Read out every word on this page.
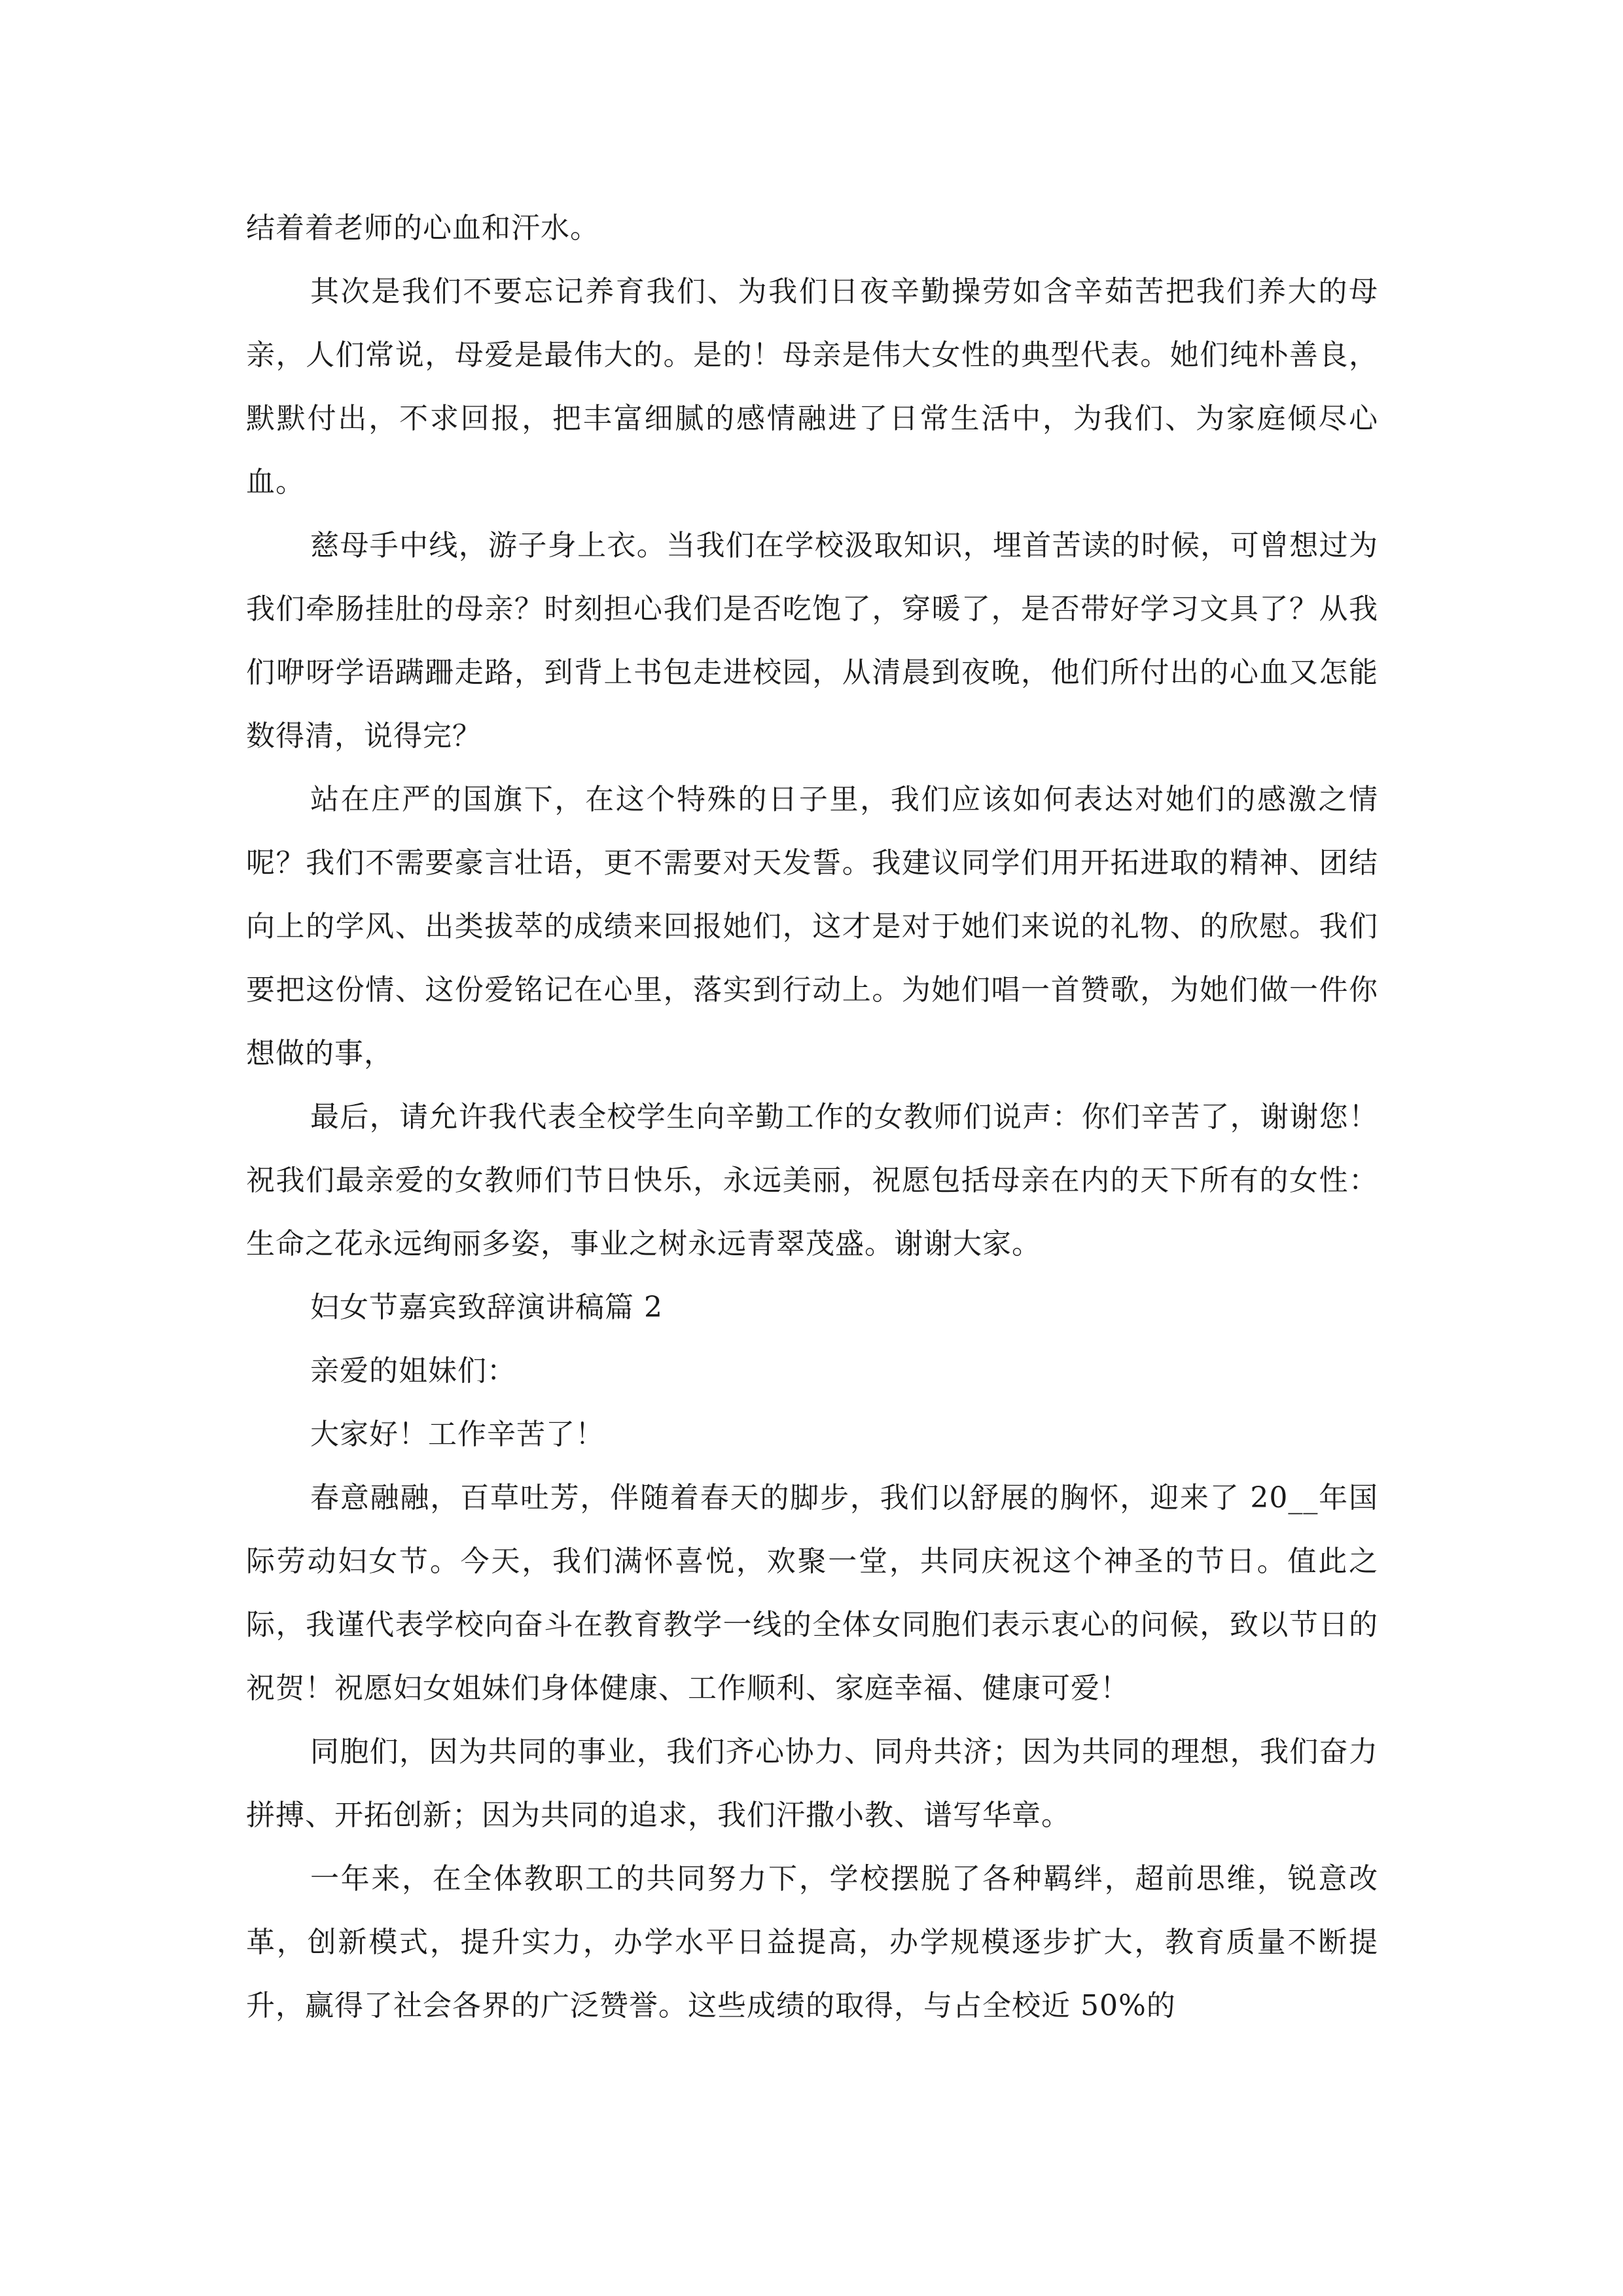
结着着老师的心血和汗水。

其次是我们不要忘记养育我们、为我们日夜辛勤操劳如含辛茹苦把我们养大的母亲，人们常说，母爱是最伟大的。是的！母亲是伟大女性的典型代表。她们纯朴善良，默默付出，不求回报，把丰富细腻的感情融进了日常生活中，为我们、为家庭倾尽心血。

慈母手中线，游子身上衣。当我们在学校汲取知识，埋首苦读的时候，可曾想过为我们牵肠挂肚的母亲？时刻担心我们是否吃饱了，穿暖了，是否带好学习文具了？从我们咿呀学语蹒跚走路，到背上书包走进校园，从清晨到夜晚，他们所付出的心血又怎能数得清，说得完？

站在庄严的国旗下，在这个特殊的日子里，我们应该如何表达对她们的感激之情呢？我们不需要豪言壮语，更不需要对天发誓。我建议同学们用开拓进取的精神、团结向上的学风、出类拔萃的成绩来回报她们，这才是对于她们来说的礼物、的欣慰。我们要把这份情、这份爱铭记在心里，落实到行动上。为她们唱一首赞歌，为她们做一件你想做的事，

最后，请允许我代表全校学生向辛勤工作的女教师们说声：你们辛苦了，谢谢您！祝我们最亲爱的女教师们节日快乐，永远美丽，祝愿包括母亲在内的天下所有的女性：生命之花永远绚丽多姿，事业之树永远青翠茂盛。谢谢大家。

妇女节嘉宾致辞演讲稿篇 2

亲爱的姐妹们：

大家好！工作辛苦了！

春意融融，百草吐芳，伴随着春天的脚步，我们以舒展的胸怀，迎来了 20__年国际劳动妇女节。今天，我们满怀喜悦，欢聚一堂，共同庆祝这个神圣的节日。值此之际，我谨代表学校向奋斗在教育教学一线的全体女同胞们表示衷心的问候，致以节日的祝贺！祝愿妇女姐妹们身体健康、工作顺利、家庭幸福、健康可爱！

同胞们，因为共同的事业，我们齐心协力、同舟共济；因为共同的理想，我们奋力拼搏、开拓创新；因为共同的追求，我们汗撒小教、谱写华章。

一年来，在全体教职工的共同努力下，学校摆脱了各种羁绊，超前思维，锐意改革，创新模式，提升实力，办学水平日益提高，办学规模逐步扩大，教育质量不断提升，赢得了社会各界的广泛赞誉。这些成绩的取得，与占全校近 50%的
